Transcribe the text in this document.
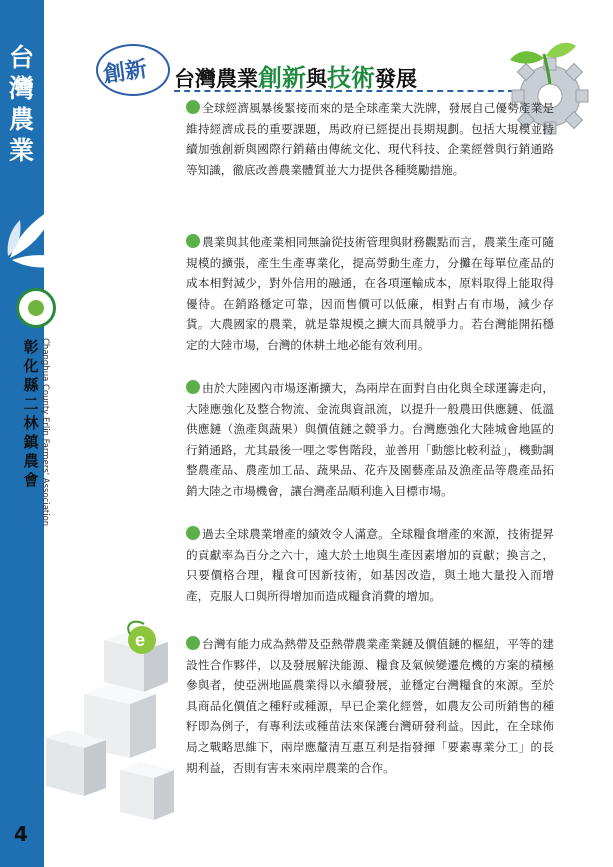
台灣農業
彰化縣二林鎮農會 Changhua County Erlin Farmers' Association
4
創新 台灣農業創新與技術發展

全球經濟風暴後緊接而來的是全球產業大洗牌，發展自己優勢產業是維持經濟成長的重要課題，馬政府已經提出長期規劃。包括大規模並持續加強創新與國際行銷藉由傳統文化、現代科技、企業經營與行銷通路等知識，徹底改善農業體質並大力提供各種獎勵措施。

農業與其他產業相同無論從技術管理與財務觀點而言，農業生產可隨規模的擴張，產生生產專業化，提高勞動生產力，分攤在每單位產品的成本相對減少，對外信用的融通，在各項運輸成本，原料取得上能取得優待。在銷路穩定可靠，因而售價可以低廉，相對占有市場，減少存貨。大農國家的農業，就是靠規模之擴大而具競爭力。若台灣能開拓穩定的大陸市場，台灣的休耕土地必能有效利用。

由於大陸國內市場逐漸擴大，為兩岸在面對自由化與全球運籌走向，大陸應強化及整合物流、金流與資訊流，以提升一般農田供應鏈、低溫供應鏈（漁產與蔬果）與價值鏈之競爭力。台灣應強化大陸城會地區的行銷通路，尤其最後一哩之零售階段，並善用「動態比較利益」，機動調整農產品、農產加工品、蔬果品、花卉及園藝產品及漁產品等農產品拓銷大陸之市場機會，讓台灣產品順利進入目標市場。

過去全球農業增產的績效令人滿意。全球糧食增產的來源，技術提昇的貢獻率為百分之六十，遠大於土地與生產因素增加的貢獻；換言之，只要價格合理，糧食可因新技術，如基因改造，與土地大量投入而增產，克服人口與所得增加而造成糧食消費的增加。

台灣有能力成為熱帶及亞熱帶農業產業鏈及價值鏈的樞紐，平等的建設性合作夥伴，以及發展解決能源、糧食及氣候變遷危機的方案的積極參與者，使亞洲地區農業得以永續發展，並穩定台灣糧食的來源。至於具商品化價值之種籽或種源，早已企業化經營，如農友公司所銷售的種籽即為例子，有專利法或種苗法來保護台灣研發利益。因此，在全球佈局之戰略思維下，兩岸應釐清互惠互利是指發揮「要素專業分工」的長期利益，否則有害未來兩岸農業的合作。

e
